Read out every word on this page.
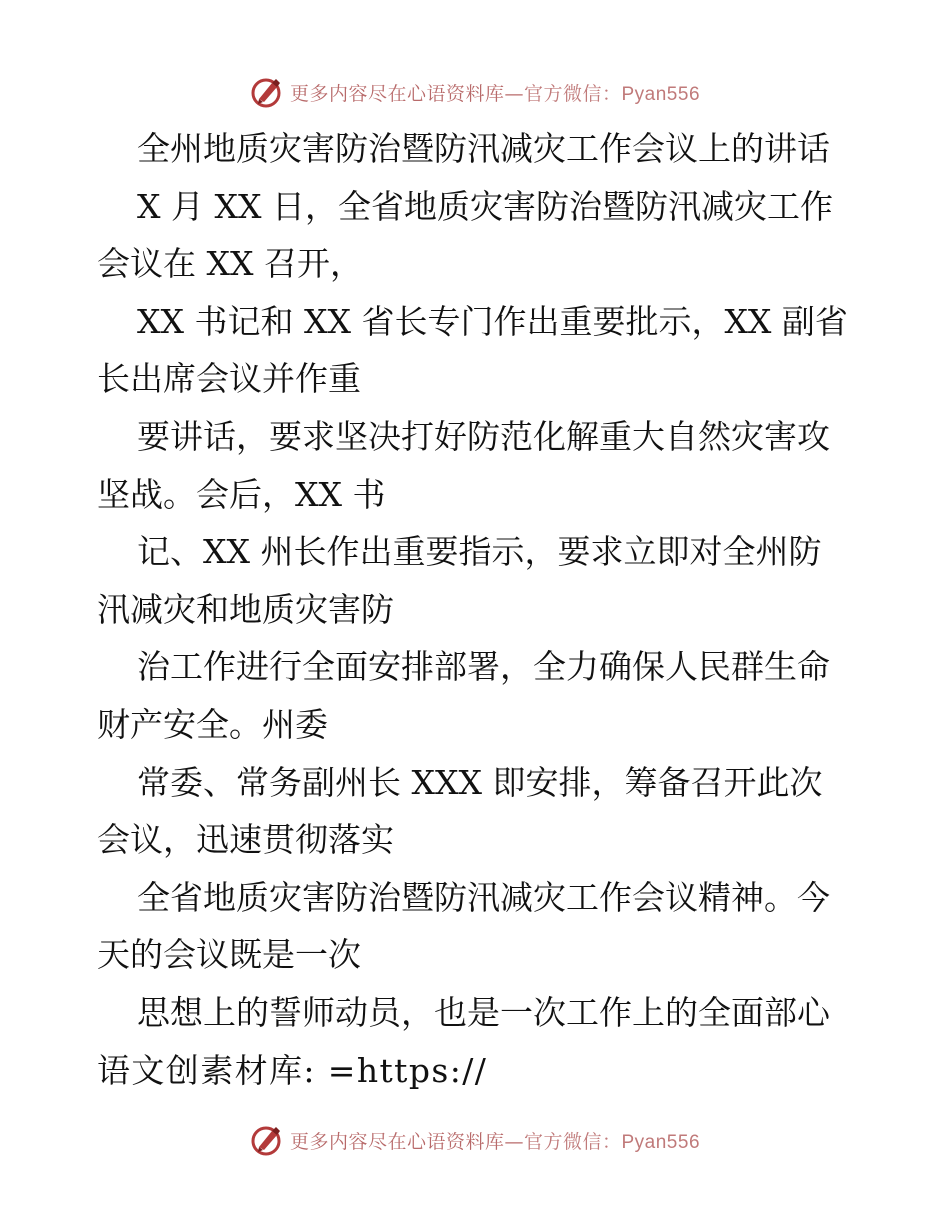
更多内容尽在心语资料库—官方微信：Pyan556
全州地质灾害防治暨防汛减灾工作会议上的讲话
X 月 XX 日，全省地质灾害防治暨防汛减灾工作
会议在 XX 召开，
XX 书记和 XX 省长专门作出重要批示，XX 副省
长出席会议并作重
要讲话，要求坚决打好防范化解重大自然灾害攻
坚战。会后，XX 书
记、XX 州长作出重要指示，要求立即对全州防
汛减灾和地质灾害防
治工作进行全面安排部署，全力确保人民群生命
财产安全。州委
常委、常务副州长 XXX 即安排，筹备召开此次
会议，迅速贯彻落实
全省地质灾害防治暨防汛减灾工作会议精神。今
天的会议既是一次
思想上的誓师动员，也是一次工作上的全面部心
语文创素材库: =https://
更多内容尽在心语资料库—官方微信：Pyan556
